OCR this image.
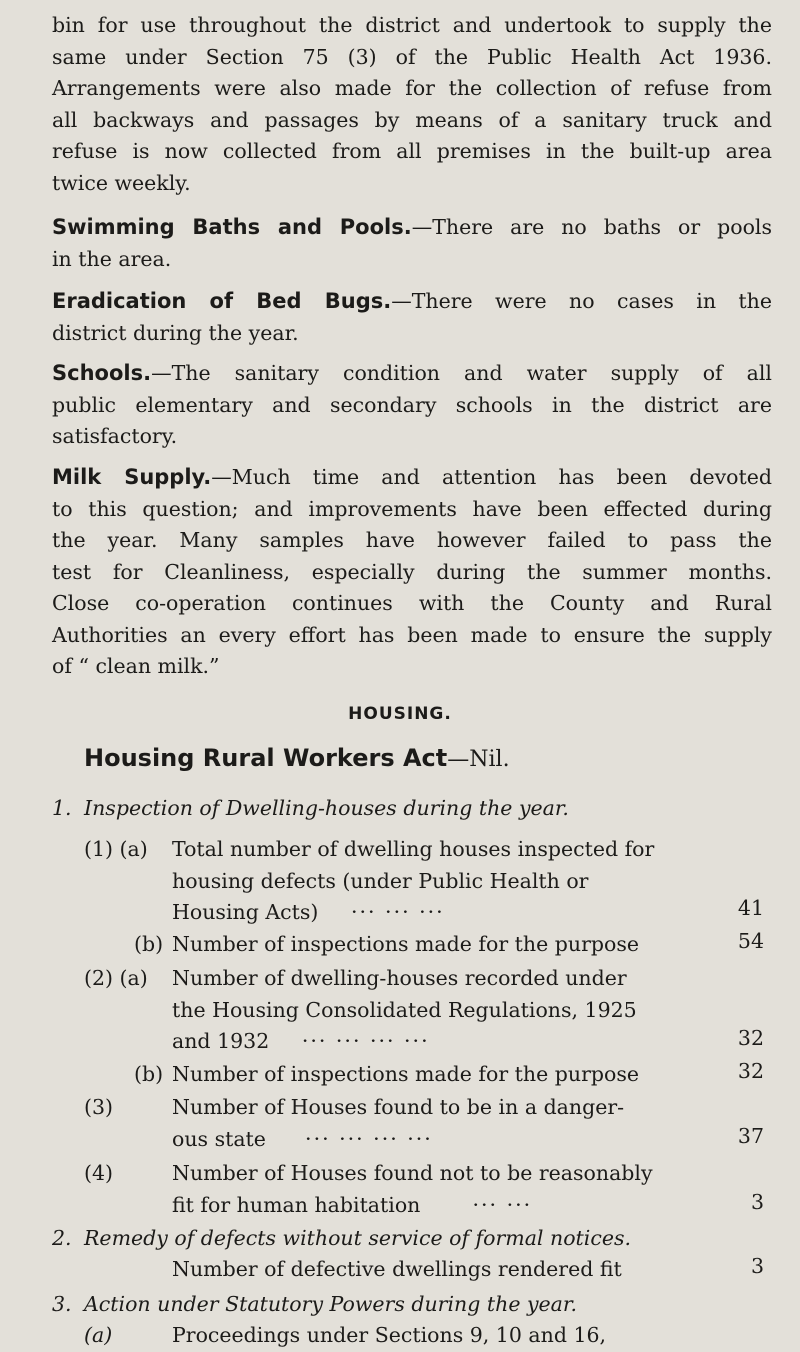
bin for use throughout the district and undertook to supply the
same under Section 75 (3) of the Public Health Act 1936.
Arrangements were also made for the collection of refuse from
all backways and passages by means of a sanitary truck and
refuse is now collected from all premises in the built-up area
twice weekly.
Swimming Baths and Pools.—There are no baths or pools
in the area.
Eradication of Bed Bugs.—There were no cases in the
district during the year.
Schools.—The sanitary condition and water supply of all
public elementary and secondary schools in the district are
satisfactory.
Milk Supply.—Much time and attention has been devoted
to this question; and improvements have been effected during
the year. Many samples have however failed to pass the
test for Cleanliness, especially during the summer months.
Close co-operation continues with the County and Rural
Authorities an every effort has been made to ensure the supply
of “ clean milk.”
HOUSING.
Housing Rural Workers Act—Nil.
1. Inspection of Dwelling-houses during the year.
(1) (a) Total number of dwelling houses inspected for
housing defects (under Public Health or
Housing Acts) ··· ··· ···	41
(b) Number of inspections made for the purpose	54
(2) (a) Number of dwelling-houses recorded under
the Housing Consolidated Regulations, 1925
and 1932 ··· ··· ··· ···	32
(b) Number of inspections made for the purpose	32
(3)	Number of Houses found to be in a danger-
ous state ··· ··· ··· ···	37
(4)	Number of Houses found not to be reasonably
fit for human habitation	··· ···	3
2. Remedy of defects without service of formal notices.
Number of defective dwellings rendered fit	3
3. Action under Statutory Powers during the year.
(a)	Proceedings under Sections 9, 10 and 16,
